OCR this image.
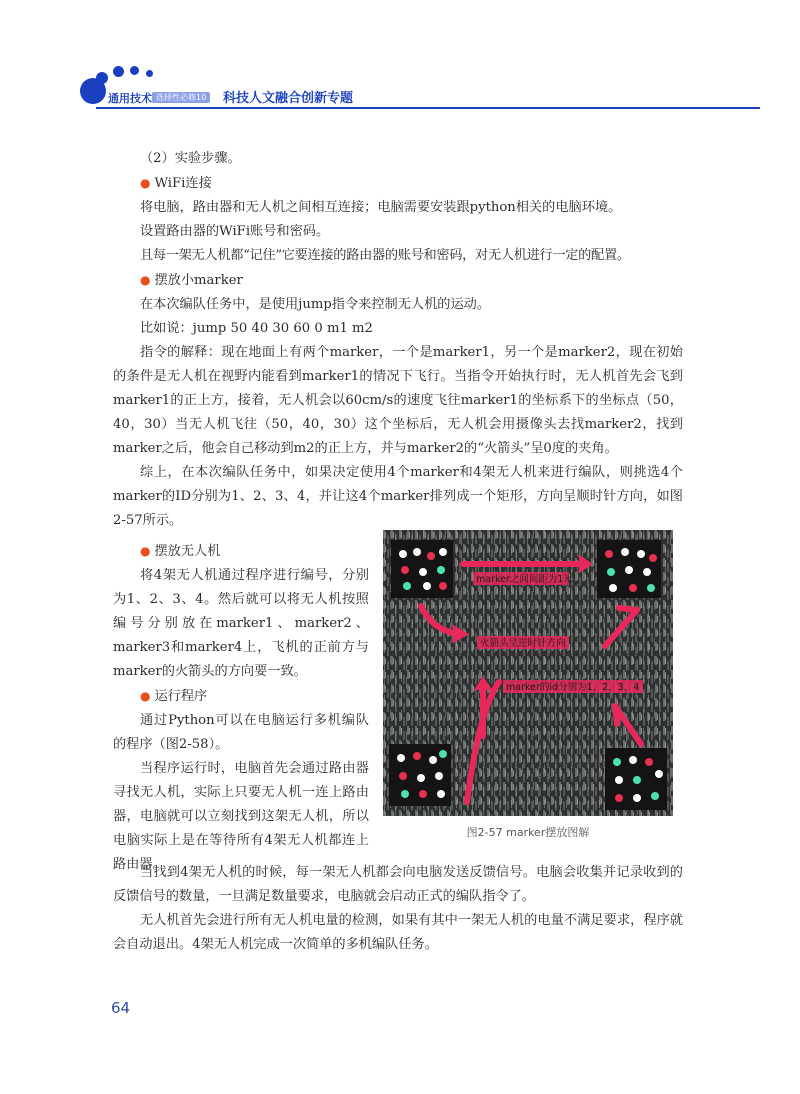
通用技术 选择性必修10	科技人文融合创新专题

（2）实验步骤。

● WiFi连接

将电脑，路由器和无人机之间相互连接；电脑需要安装跟python相关的电脑环境。

设置路由器的WiFi账号和密码。

且每一架无人机都“记住”它要连接的路由器的账号和密码，对无人机进行一定的配置。

● 摆放小marker

在本次编队任务中，是使用jump指令来控制无人机的运动。

比如说：jump 50 40 30 60 0 m1 m2

指令的解释：现在地面上有两个marker，一个是marker1，另一个是marker2，现在初始的条件是无人机在视野内能看到marker1的情况下飞行。当指令开始执行时，无人机首先会飞到marker1的正上方，接着，无人机会以60cm/s的速度飞往marker1的坐标系下的坐标点（50，40，30）当无人机飞往（50，40，30）这个坐标后，无人机会用摄像头去找marker2，找到marker之后，他会自己移动到m2的正上方，并与marker2的“火箭头”呈0度的夹角。

综上，在本次编队任务中，如果决定使用4个marker和4架无人机来进行编队，则挑选4个marker的ID分别为1、2、3、4，并让这4个marker排列成一个矩形，方向呈顺时针方向，如图2-57所示。

● 摆放无人机

将4架无人机通过程序进行编号，分别为1、2、3、4。然后就可以将无人机按照编号分别放在marker1、marker2、marker3和marker4上，飞机的正前方与marker的火箭头的方向要一致。

● 运行程序

通过Python可以在电脑运行多机编队的程序（图2-58）。

当程序运行时，电脑首先会通过路由器寻找无人机，实际上只要无人机一连上路由器，电脑就可以立刻找到这架无人机，所以电脑实际上是在等待所有4架无人机都连上路由器。

marker之间间距为1米
火箭头呈逆时针方向
marker的id分别为1，2，3，4
图2-57 marker摆放图解

当找到4架无人机的时候，每一架无人机都会向电脑发送反馈信号。电脑会收集并记录收到的反馈信号的数量，一旦满足数量要求，电脑就会启动正式的编队指令了。

无人机首先会进行所有无人机电量的检测，如果有其中一架无人机的电量不满足要求，程序就会自动退出。4架无人机完成一次简单的多机编队任务。

64
